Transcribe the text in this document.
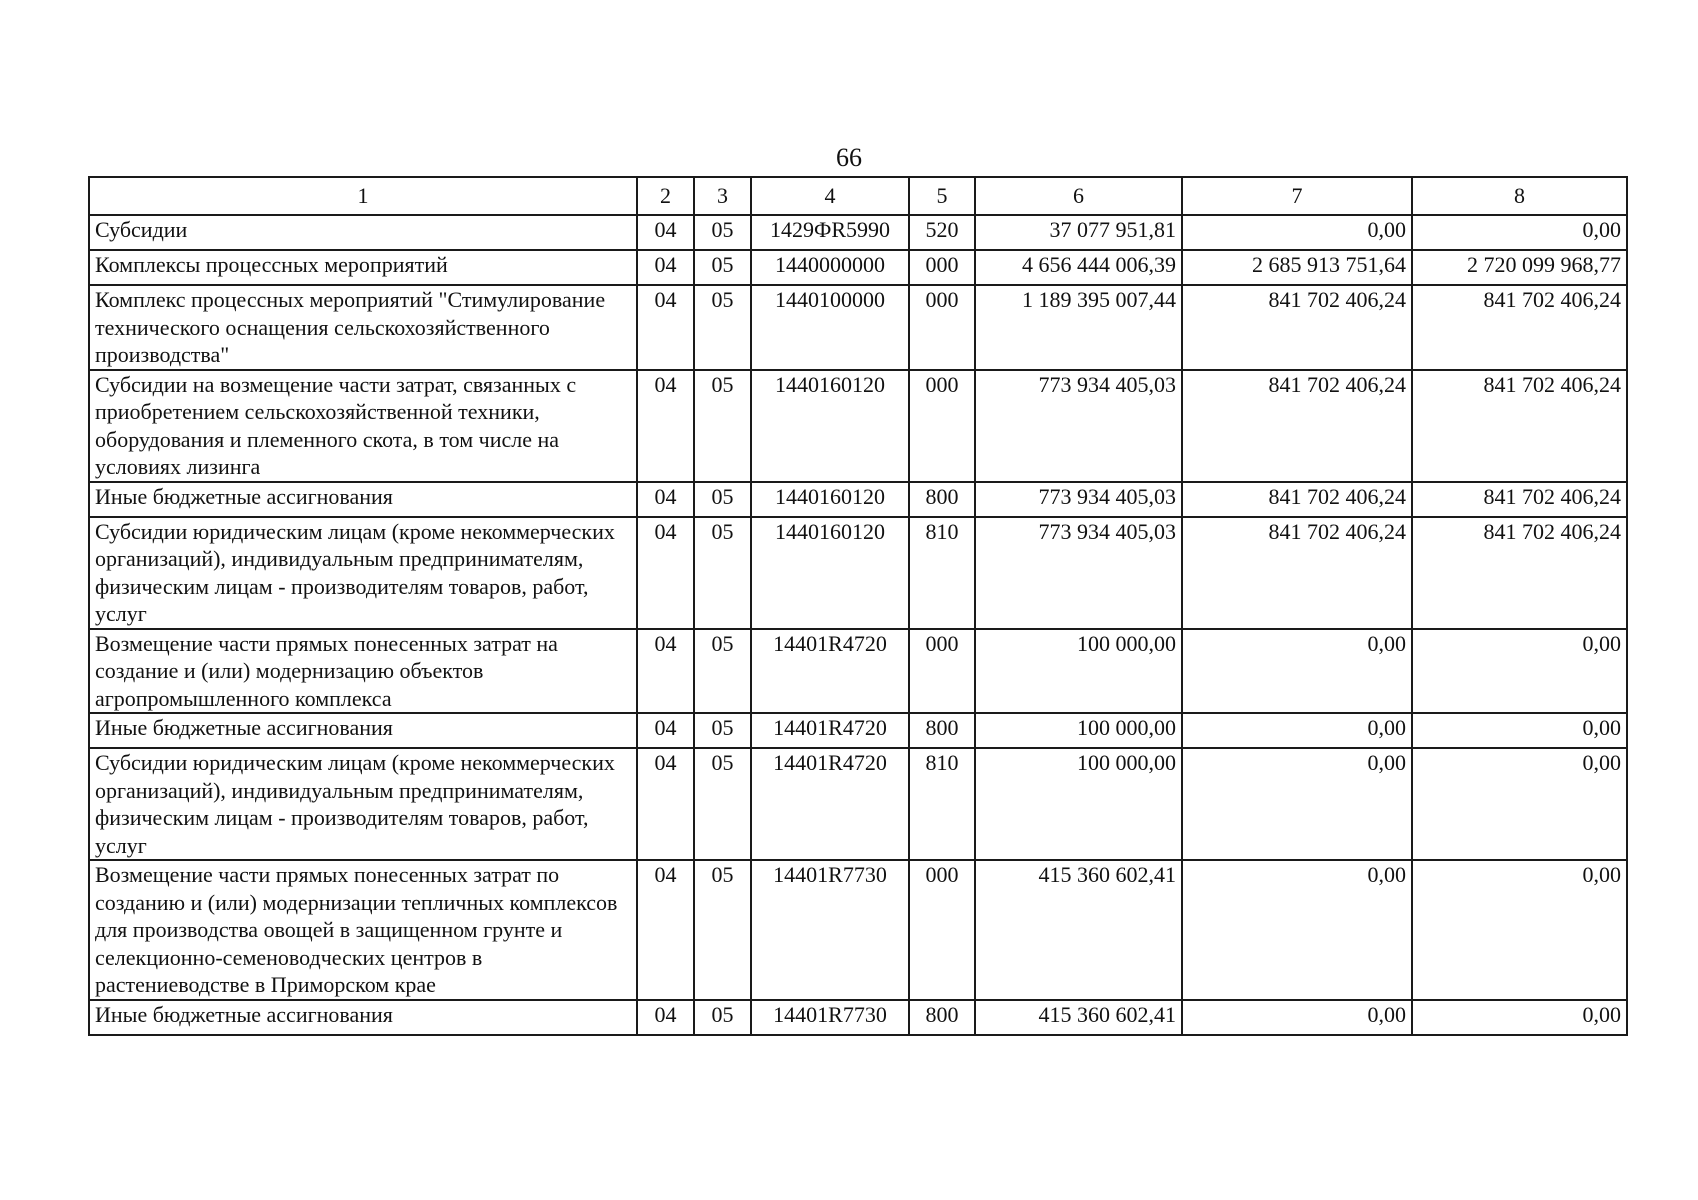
66
1	2	3	4	5	6	7	8
Субсидии	04	05	1429ФR5990	520	37 077 951,81	0,00	0,00
Комплексы процессных мероприятий	04	05	1440000000	000	4 656 444 006,39	2 685 913 751,64	2 720 099 968,77
Комплекс процессных мероприятий "Стимулирование технического оснащения сельскохозяйственного производства"	04	05	1440100000	000	1 189 395 007,44	841 702 406,24	841 702 406,24
Субсидии на возмещение части затрат, связанных с приобретением сельскохозяйственной техники, оборудования и племенного скота, в том числе на условиях лизинга	04	05	1440160120	000	773 934 405,03	841 702 406,24	841 702 406,24
Иные бюджетные ассигнования	04	05	1440160120	800	773 934 405,03	841 702 406,24	841 702 406,24
Субсидии юридическим лицам (кроме некоммерческих организаций), индивидуальным предпринимателям, физическим лицам - производителям товаров, работ, услуг	04	05	1440160120	810	773 934 405,03	841 702 406,24	841 702 406,24
Возмещение части прямых понесенных затрат на создание и (или) модернизацию объектов агропромышленного комплекса	04	05	14401R4720	000	100 000,00	0,00	0,00
Иные бюджетные ассигнования	04	05	14401R4720	800	100 000,00	0,00	0,00
Субсидии юридическим лицам (кроме некоммерческих организаций), индивидуальным предпринимателям, физическим лицам - производителям товаров, работ, услуг	04	05	14401R4720	810	100 000,00	0,00	0,00
Возмещение части прямых понесенных затрат по созданию и (или) модернизации тепличных комплексов для производства овощей в защищенном грунте и селекционно-семеноводческих центров в растениеводстве в Приморском крае	04	05	14401R7730	000	415 360 602,41	0,00	0,00
Иные бюджетные ассигнования	04	05	14401R7730	800	415 360 602,41	0,00	0,00
